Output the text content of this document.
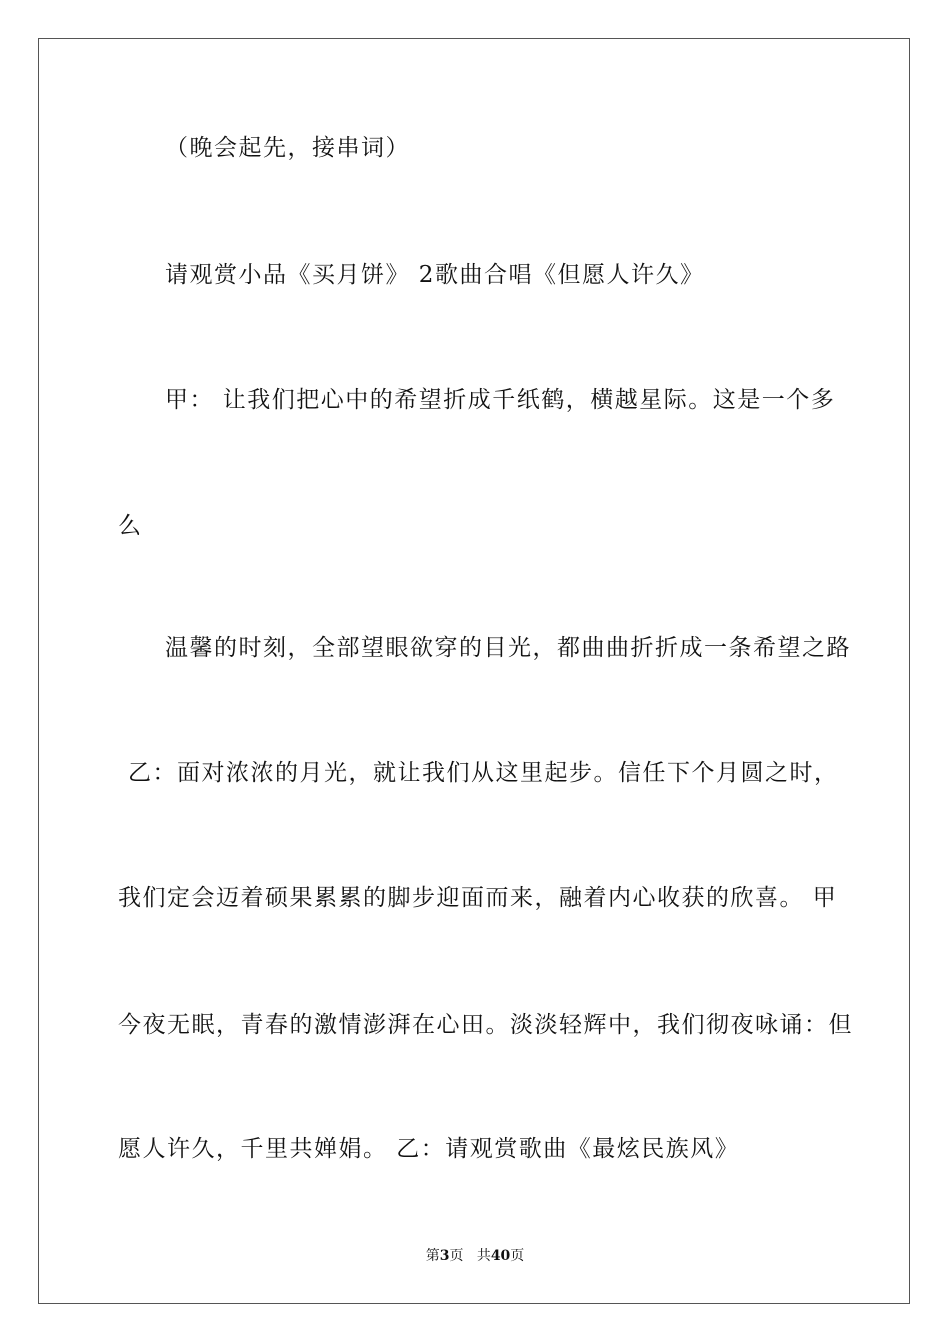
（晚会起先，接串词）
请观赏小品《买月饼》 2歌曲合唱《但愿人许久》
甲： 让我们把心中的希望折成千纸鹤，横越星际。这是一个多
么
温馨的时刻，全部望眼欲穿的目光，都曲曲折折成一条希望之路
乙：面对浓浓的月光，就让我们从这里起步。信任下个月圆之时，
我们定会迈着硕果累累的脚步迎面而来，融着内心收获的欣喜。 甲
今夜无眠，青春的激情澎湃在心田。淡淡轻辉中，我们彻夜咏诵：但
愿人许久，千里共婵娟。 乙：请观赏歌曲《最炫民族风》
第3页 共40页
